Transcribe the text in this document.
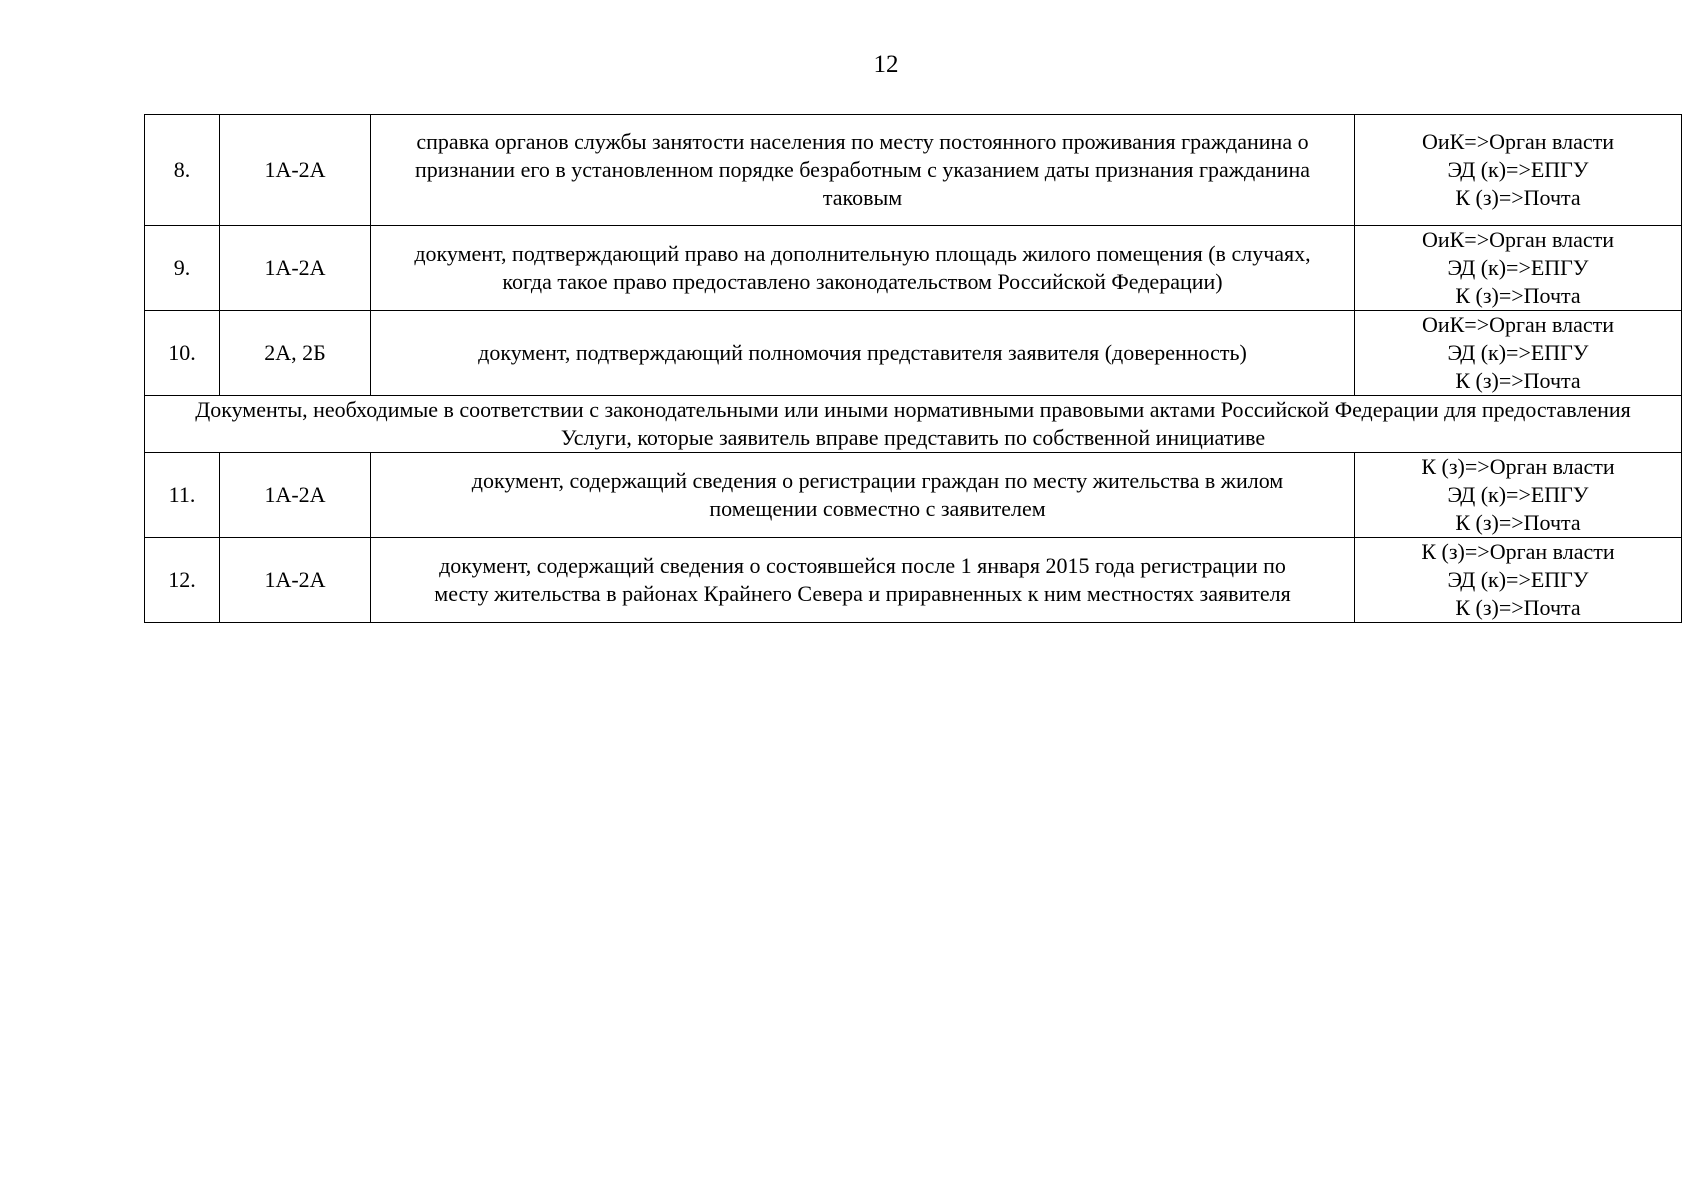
12
8.	1А-2А	справка органов службы занятости населения по месту постоянного проживания гражданина о признании его в установленном порядке безработным с указанием даты признания гражданина таковым	ОиК=>Орган власти
ЭД (к)=>ЕПГУ
К (з)=>Почта

9.	1А-2А	документ, подтверждающий право на дополнительную площадь жилого помещения (в случаях, когда такое право предоставлено законодательством Российской Федерации)	ОиК=>Орган власти
ЭД (к)=>ЕПГУ
К (з)=>Почта

10.	2А, 2Б	документ, подтверждающий полномочия представителя заявителя (доверенность)	ОиК=>Орган власти
ЭД (к)=>ЕПГУ
К (з)=>Почта

Документы, необходимые в соответствии с законодательными или иными нормативными правовыми актами Российской Федерации для предоставления Услуги, которые заявитель вправе представить по собственной инициативе			
11.	1А-2А	документ, содержащий сведения о регистрации граждан по месту жительства в жилом помещении совместно с заявителем	К (з)=>Орган власти
ЭД (к)=>ЕПГУ
К (з)=>Почта

12.	1А-2А	документ, содержащий сведения о состоявшейся после 1 января 2015 года регистрации по месту жительства в районах Крайнего Севера и приравненных к ним местностях заявителя	К (з)=>Орган власти
ЭД (к)=>ЕПГУ
К (з)=>Почта
